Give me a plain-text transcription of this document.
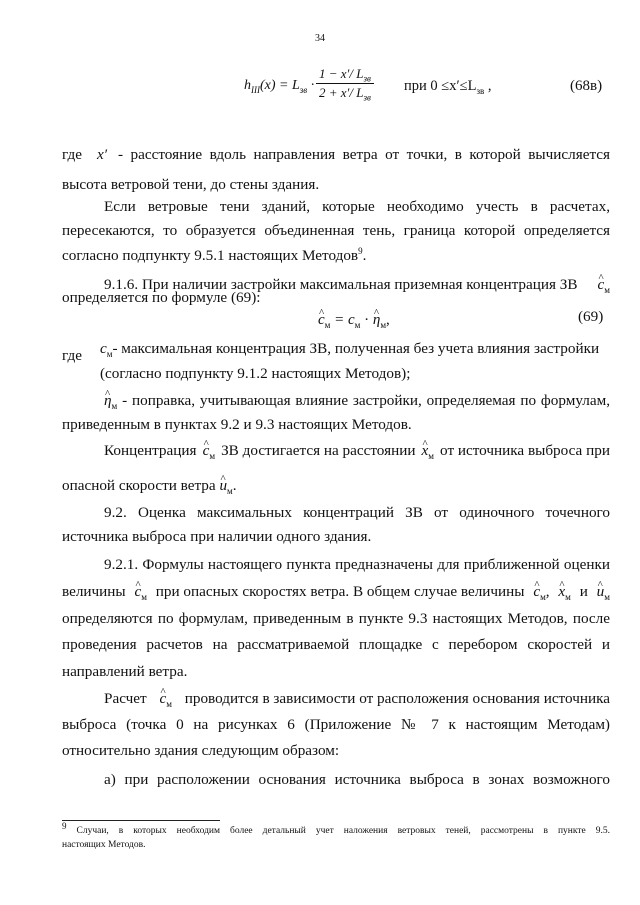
34
$h_{III}(x) = L_{зв}$ ·
1 − x′/ $L_{зв}$
2 + x′/ $L_{зв}$
при $0 \le x'\le L_{зв}$ ,	(68в)
где x′ - расстояние вдоль направления ветра от точки, в которой вычисляется
высота ветровой тени, до стены здания.
Если ветровые тени зданий, которые необходимо учесть в расчетах,
пересекаются, то образуется объединенная тень, граница которой определяется
согласно подпункту 9.5.1 настоящих Методов$^9$.
9.1.6. При наличии застройки максимальная приземная концентрация ЗВ ^ $c_м$
определяется по формуле (69):
^ $c_м = c_м$ · ^ $\eta_м$,	(69)
где $c_м-$ максимальная концентрация ЗВ, полученная без учета влияния застройки
(согласно подпункту 9.1.2 настоящих Методов);
^ $\eta_м$ - поправка, учитывающая влияние застройки, определяемая по формулам,
приведенным в пунктах 9.2 и 9.3 настоящих Методов.
Концентрация ^ $c_м$ ЗВ достигается на расстоянии ^ $x_м$ от источника выброса при
опасной скорости ветра ^ $u_м$.
9.2. Оценка максимальных концентраций ЗВ от одиночного точечного
источника выброса при наличии одного здания.
9.2.1. Формулы настоящего пункта предназначены для приближенной оценки
величины ^ $c_м$ при опасных скоростях ветра. В общем случае величины ^ $c_м$, ^ $x_м$ и ^ $u_м$
определяются по формулам, приведенным в пункте 9.3 настоящих Методов, после
проведения расчетов на рассматриваемой площадке с перебором скоростей и
направлений ветра.
Расчет ^ $c_м$ проводится в зависимости от расположения основания источника
выброса (точка 0 на рисунках 6 (Приложение № 7 к настоящим Методам)
относительно здания следующим образом:
а) при расположении основания источника выброса в зонах возможного
$^9$ Случаи, в которых необходим более детальный учет наложения ветровых теней, рассмотрены в пункте 9.5.
настоящих Методов.
